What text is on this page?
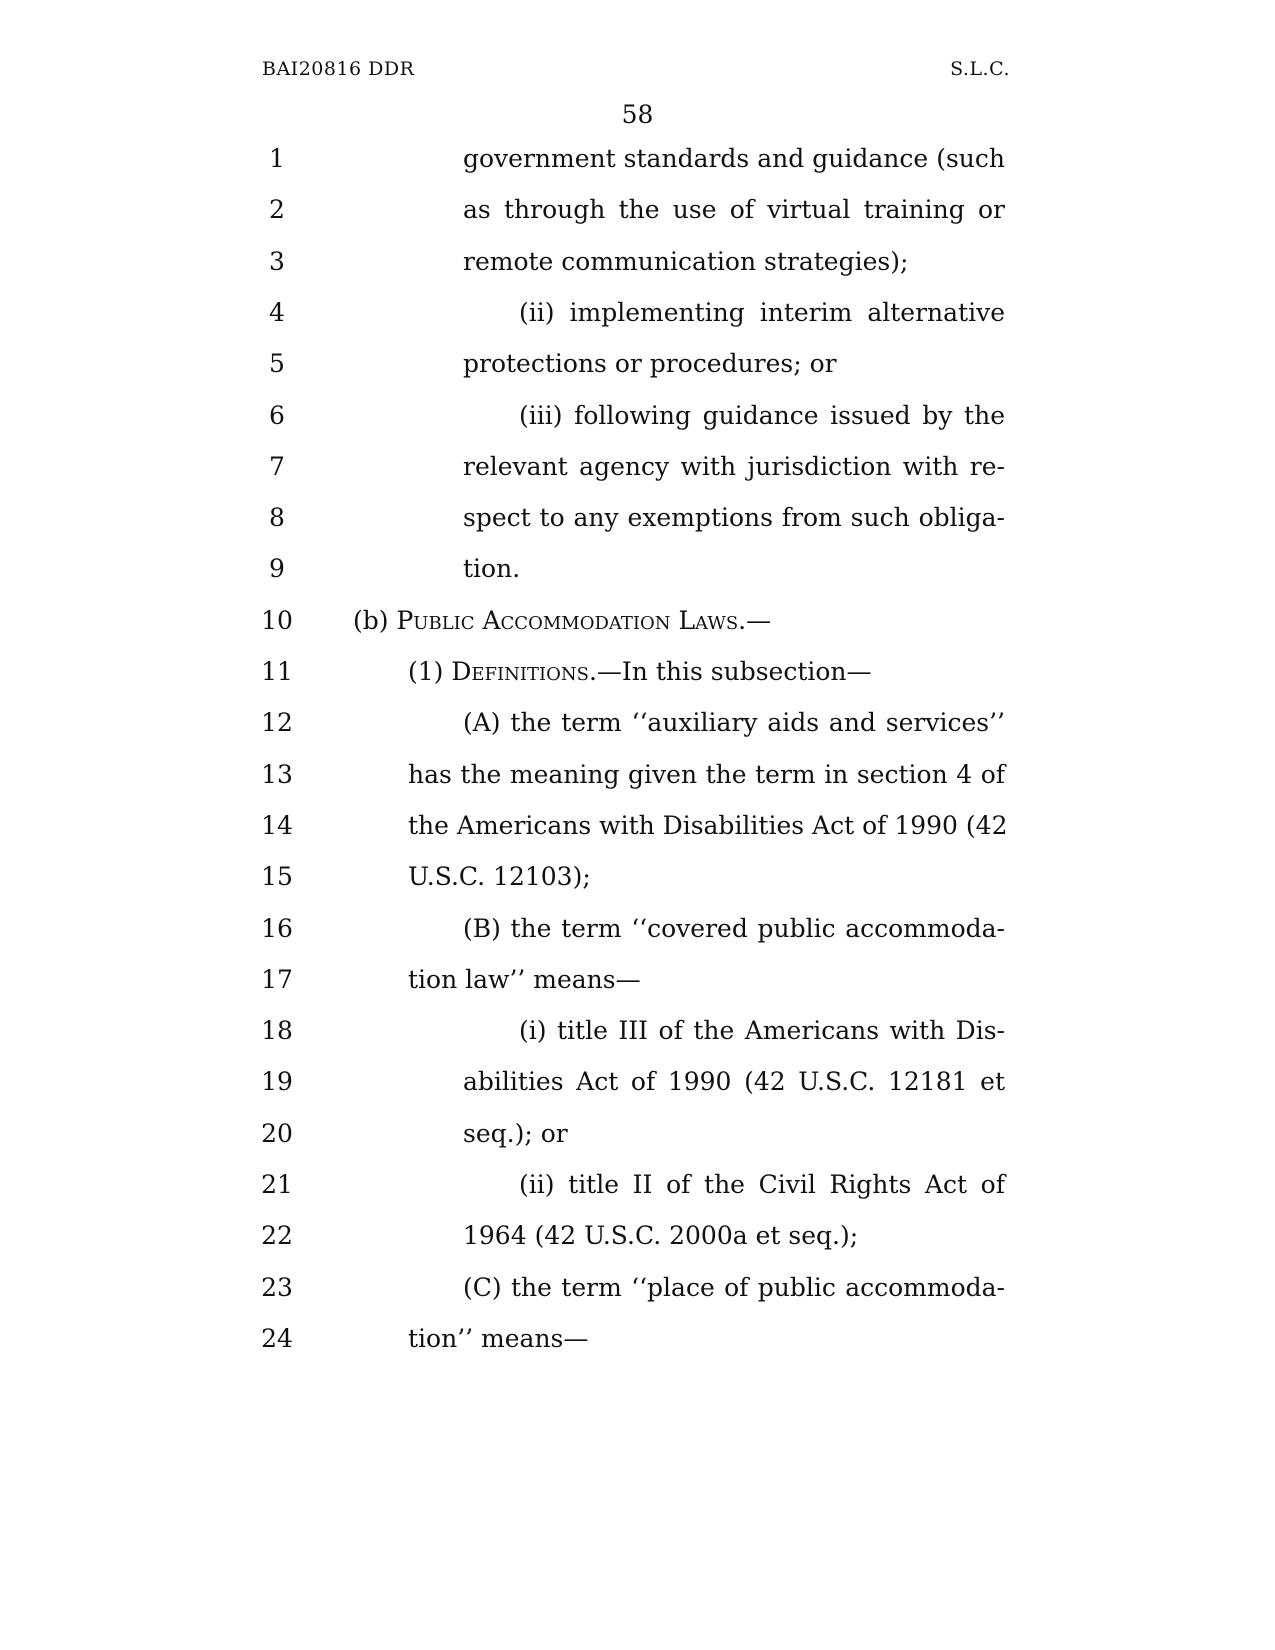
BAI20816 DDR	S.L.C.
58
1	government standards and guidance (such
2	as through the use of virtual training or
3	remote communication strategies);
4	(ii) implementing interim alternative
5	protections or procedures; or
6	(iii) following guidance issued by the
7	relevant agency with jurisdiction with re-
8	spect to any exemptions from such obliga-
9	tion.
10	(b) Public Accommodation Laws.—
11	(1) Definitions.—In this subsection—
12	(A) the term ‘‘auxiliary aids and services’’
13	has the meaning given the term in section 4 of
14	the Americans with Disabilities Act of 1990 (42
15	U.S.C. 12103);
16	(B) the term ‘‘covered public accommoda-
17	tion law’’ means—
18	(i) title III of the Americans with Dis-
19	abilities Act of 1990 (42 U.S.C. 12181 et
20	seq.); or
21	(ii) title II of the Civil Rights Act of
22	1964 (42 U.S.C. 2000a et seq.);
23	(C) the term ‘‘place of public accommoda-
24	tion’’ means—
